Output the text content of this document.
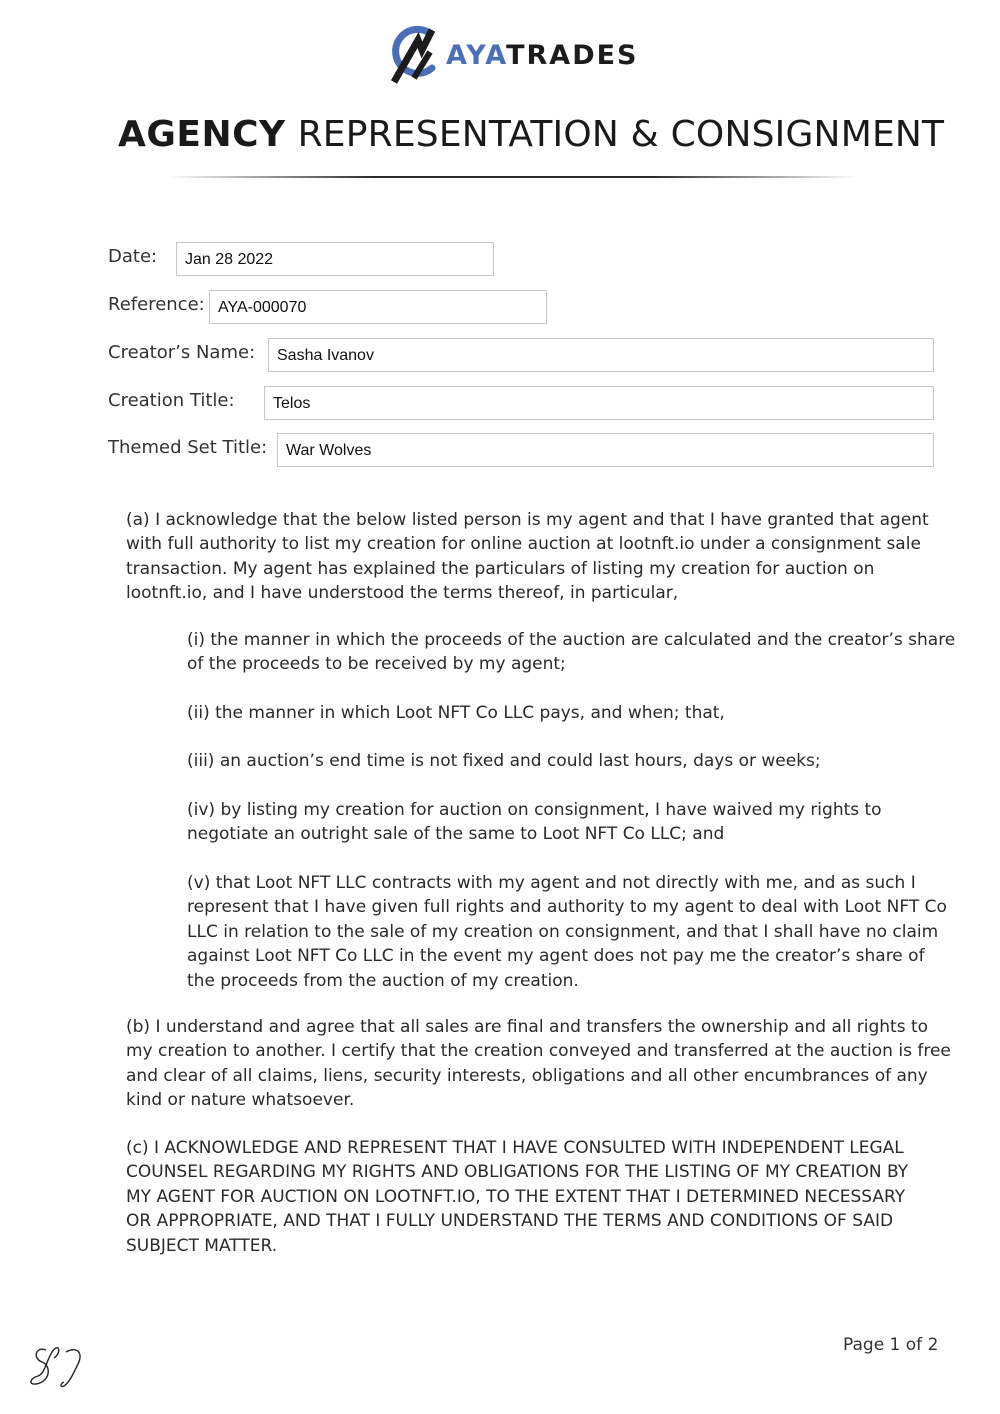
AYATRADES
AGENCY REPRESENTATION & CONSIGNMENT
Date:	Jan 28 2022
Reference: AYA-000070
Creator’s Name:	Sasha Ivanov
Creation Title:	Telos
Themed Set Title:	War Wolves

(a) I acknowledge that the below listed person is my agent and that I have granted that agent with full authority to list my creation for online auction at lootnft.io under a consignment sale transaction. My agent has explained the particulars of listing my creation for auction on lootnft.io, and I have understood the terms thereof, in particular,

(i) the manner in which the proceeds of the auction are calculated and the creator’s share of the proceeds to be received by my agent;

(ii) the manner in which Loot NFT Co LLC pays, and when; that,

(iii) an auction’s end time is not fixed and could last hours, days or weeks;

(iv) by listing my creation for auction on consignment, I have waived my rights to negotiate an outright sale of the same to Loot NFT Co LLC; and

(v) that Loot NFT LLC contracts with my agent and not directly with me, and as such I represent that I have given full rights and authority to my agent to deal with Loot NFT Co LLC in relation to the sale of my creation on consignment, and that I shall have no claim against Loot NFT Co LLC in the event my agent does not pay me the creator’s share of the proceeds from the auction of my creation.

(b) I understand and agree that all sales are final and transfers the ownership and all rights to my creation to another. I certify that the creation conveyed and transferred at the auction is free and clear of all claims, liens, security interests, obligations and all other encumbrances of any kind or nature whatsoever.

(c) I ACKNOWLEDGE AND REPRESENT THAT I HAVE CONSULTED WITH INDEPENDENT LEGAL COUNSEL REGARDING MY RIGHTS AND OBLIGATIONS FOR THE LISTING OF MY CREATION BY MY AGENT FOR AUCTION ON LOOTNFT.IO, TO THE EXTENT THAT I DETERMINED NECESSARY OR APPROPRIATE, AND THAT I FULLY UNDERSTAND THE TERMS AND CONDITIONS OF SAID SUBJECT MATTER.

Page 1 of 2
